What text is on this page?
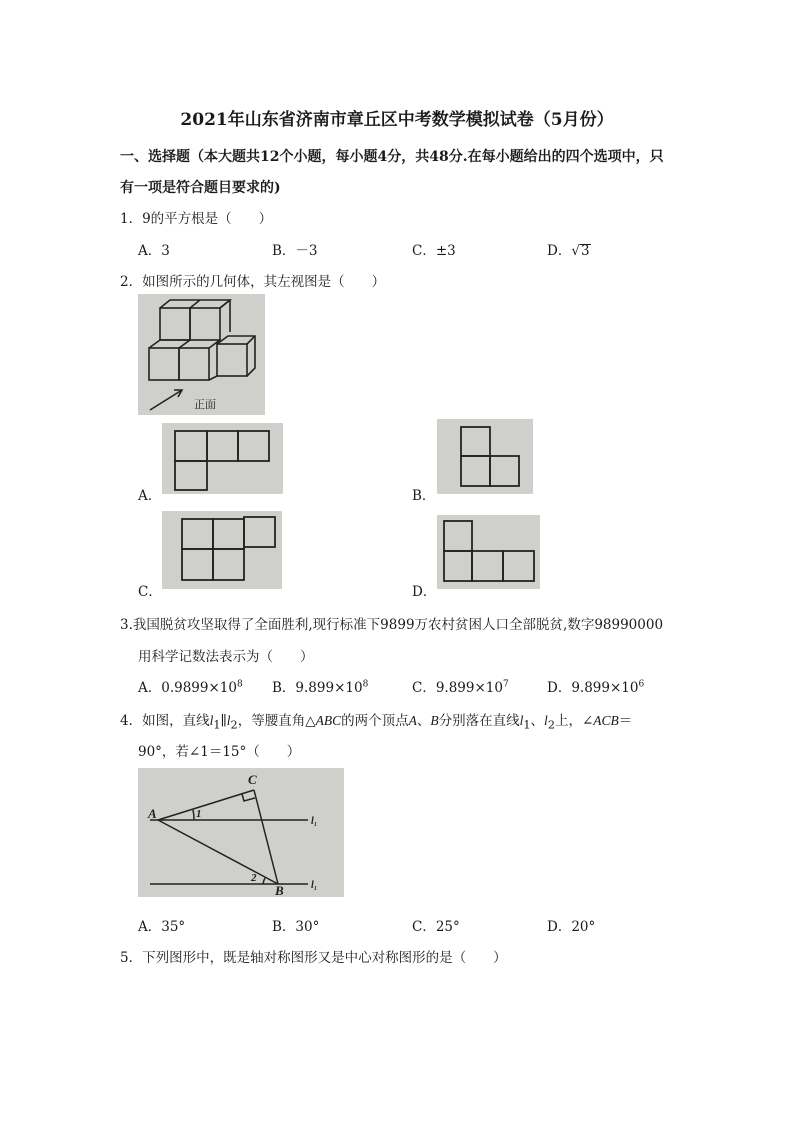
2021年山东省济南市章丘区中考数学模拟试卷（5月份）
一、选择题（本大题共12个小题，每小题4分，共48分.在每小题给出的四个选项中，只
有一项是符合题目要求的)
1．9的平方根是（　　）
A．3	B．－3	C．±3	D．√3
2．如图所示的几何体，其左视图是（　　）
正面
A．	B．
C．	D．
3.我国脱贫攻坚取得了全面胜利,现行标准下9899万农村贫困人口全部脱贫,数字98990000
用科学记数法表示为（　　）
A．$0.9899\times 10^8$ B．$9.899\times 10^8$	C．$9.899\times 10^7$	D．$9.899\times 10^6$
4．如图，直线$l_1\parallel l_2$，等腰直角△ABC的两个顶点A、B分别落在直线$l_1$、$l_2$上，∠ACB＝
90°，若∠1＝15°（　　）
A
C
B
1
2
l₁
l₁
A．35°	B．30°	C．25°	D．20°
5．下列图形中，既是轴对称图形又是中心对称图形的是（　　）
